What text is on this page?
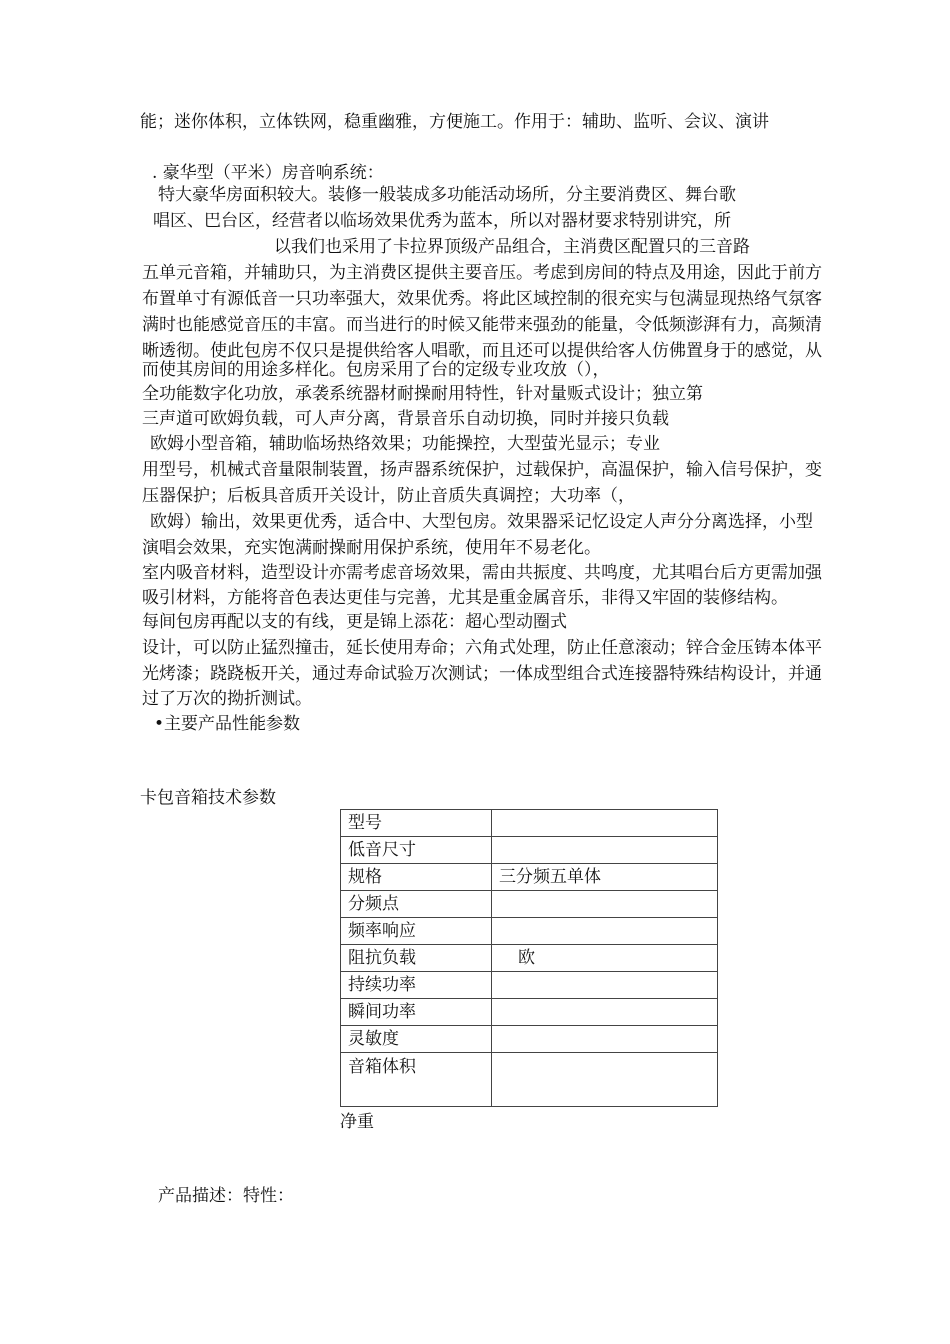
能；迷你体积，立体铁网，稳重幽雅，方便施工。作用于：辅助、监听、会议、演讲

. 豪华型（平米）房音响系统：

特大豪华房面积较大。装修一般装成多功能活动场所，分主要消费区、舞台歌

唱区、巴台区，经营者以临场效果优秀为蓝本，所以对器材要求特别讲究，所

以我们也采用了卡拉界顶级产品组合，主消费区配置只的三音路

五单元音箱，并辅助只，为主消费区提供主要音压。考虑到房间的特点及用途，因此于前方

布置单寸有源低音一只功率强大，效果优秀。将此区域控制的很充实与包满显现热络气氛客

满时也能感觉音压的丰富。而当进行的时候又能带来强劲的能量，令低频澎湃有力，高频清

晰透彻。使此包房不仅只是提供给客人唱歌，而且还可以提供给客人仿佛置身于的感觉，从

而使其房间的用途多样化。包房采用了台的定级专业攻放（），

全功能数字化功放，承袭系统器材耐操耐用特性，针对量贩式设计；独立第

三声道可欧姆负载，可人声分离，背景音乐自动切换，同时并接只负载

欧姆小型音箱，辅助临场热络效果；功能操控，大型萤光显示；专业

用型号，机械式音量限制装置，扬声器系统保护，过载保护，高温保护，输入信号保护，变

压器保护；后板具音质开关设计，防止音质失真调控；大功率（，

欧姆）输出，效果更优秀，适合中、大型包房。效果器采记忆设定人声分分离选择，小型

演唱会效果，充实饱满耐操耐用保护系统，使用年不易老化。

室内吸音材料，造型设计亦需考虑音场效果，需由共振度、共鸣度，尤其唱台后方更需加强

吸引材料，方能将音色表达更佳与完善，尤其是重金属音乐，非得又牢固的装修结构。

每间包房再配以支的有线，更是锦上添花：超心型动圈式

设计，可以防止猛烈撞击，延长使用寿命；六角式处理，防止任意滚动；锌合金压铸本体平

光烤漆；跷跷板开关，通过寿命试验万次测试；一体成型组合式连接器特殊结构设计，并通

过了万次的拗折测试。

•主要产品性能参数

卡包音箱技术参数

型号	
低音尺寸	
规格	三分频五单体
分频点	
频率响应	
阻抗负载	欧
持续功率	
瞬间功率	
灵敏度	
音箱体积	

净重

产品描述：特性：
